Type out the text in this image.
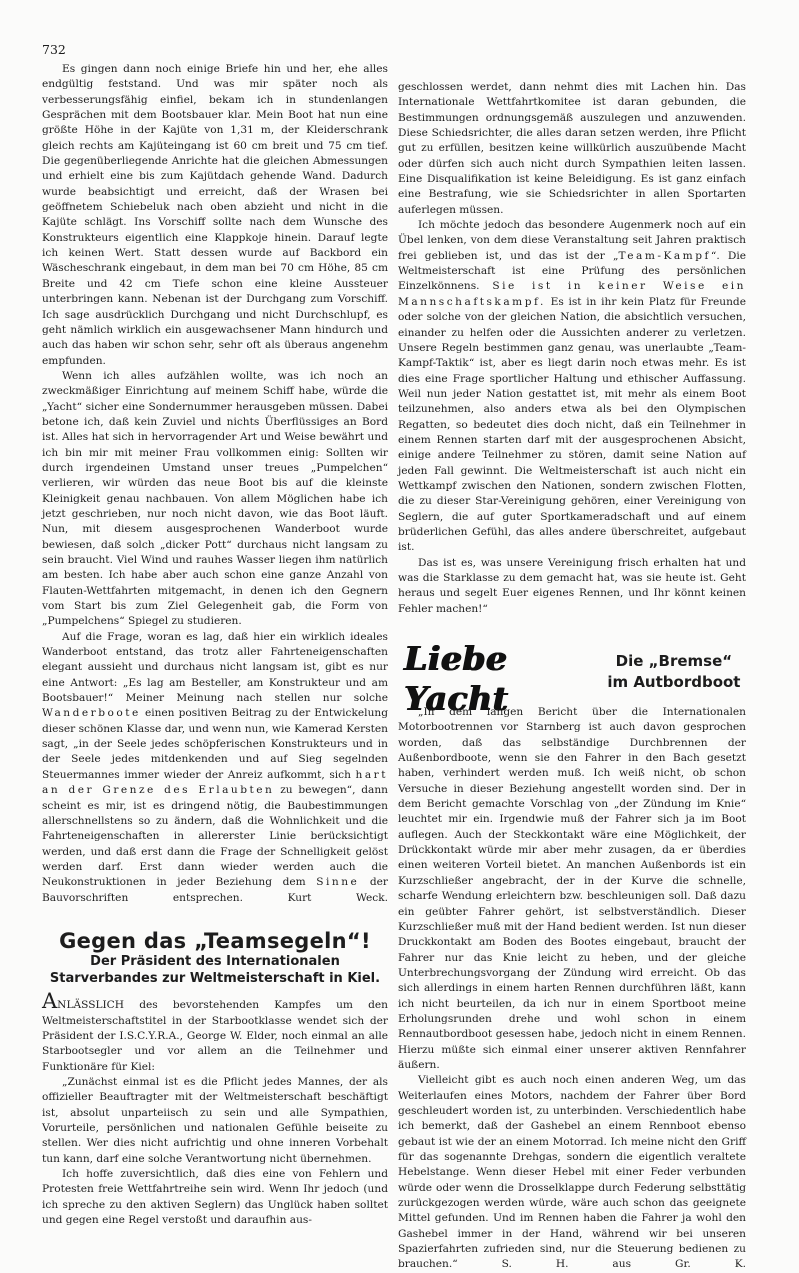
732

Es gingen dann noch einige Briefe hin und her, ehe alles endgültig feststand. Und was mir später noch als verbesserungsfähig einfiel, bekam ich in stundenlangen Gesprächen mit dem Bootsbauer klar. Mein Boot hat nun eine größte Höhe in der Kajüte von 1,31 m, der Kleiderschrank gleich rechts am Kajüteingang ist 60 cm breit und 75 cm tief. Die gegenüberliegende Anrichte hat die gleichen Abmessungen und erhielt eine bis zum Kajütdach gehende Wand. Dadurch wurde beabsichtigt und erreicht, daß der Wrasen bei geöffnetem Schiebeluk nach oben abzieht und nicht in die Kajüte schlägt. Ins Vorschiff sollte nach dem Wunsche des Konstrukteurs eigentlich eine Klappkoje hinein. Darauf legte ich keinen Wert. Statt dessen wurde auf Backbord ein Wäscheschrank eingebaut, in dem man bei 70 cm Höhe, 85 cm Breite und 42 cm Tiefe schon eine kleine Aussteuer unterbringen kann. Nebenan ist der Durchgang zum Vorschiff. Ich sage ausdrücklich Durchgang und nicht Durchschlupf, es geht nämlich wirklich ein ausgewachsener Mann hindurch und auch das haben wir schon sehr, sehr oft als überaus angenehm empfunden.

Wenn ich alles aufzählen wollte, was ich noch an zweckmäßiger Einrichtung auf meinem Schiff habe, würde die „Yacht“ sicher eine Sondernummer herausgeben müssen. Dabei betone ich, daß kein Zuviel und nichts Überflüssiges an Bord ist. Alles hat sich in hervorragender Art und Weise bewährt und ich bin mir mit meiner Frau vollkommen einig: Sollten wir durch irgendeinen Umstand unser treues „Pumpelchen“ verlieren, wir würden das neue Boot bis auf die kleinste Kleinigkeit genau nachbauen. Von allem Möglichen habe ich jetzt geschrieben, nur noch nicht davon, wie das Boot läuft. Nun, mit diesem ausgesprochenen Wanderboot wurde bewiesen, daß solch „dicker Pott“ durchaus nicht langsam zu sein braucht. Viel Wind und rauhes Wasser liegen ihm natürlich am besten. Ich habe aber auch schon eine ganze Anzahl von Flauten-Wettfahrten mitgemacht, in denen ich den Gegnern vom Start bis zum Ziel Gelegenheit gab, die Form von „Pumpelchens“ Spiegel zu studieren.

Auf die Frage, woran es lag, daß hier ein wirklich ideales Wanderboot entstand, das trotz aller Fahrteneigenschaften elegant aussieht und durchaus nicht langsam ist, gibt es nur eine Antwort: „Es lag am Besteller, am Konstrukteur und am Bootsbauer!“ Meiner Meinung nach stellen nur solche Wanderboote einen positiven Beitrag zu der Entwickelung dieser schönen Klasse dar, und wenn nun, wie Kamerad Kersten sagt, „in der Seele jedes schöpferischen Konstrukteurs und in der Seele jedes mitdenkenden und auf Sieg segelnden Steuermannes immer wieder der Anreiz aufkommt, sich hart an der Grenze des Erlaubten zu bewegen“, dann scheint es mir, ist es dringend nötig, die Baubestimmungen allerschnellstens so zu ändern, daß die Wohnlichkeit und die Fahrteneigenschaften in allererster Linie berücksichtigt werden, und daß erst dann die Frage der Schnelligkeit gelöst werden darf. Erst dann wieder werden auch die Neukonstruktionen in jeder Beziehung dem Sinne der Bauvorschriften entsprechen.	Kurt Weck.

Gegen das „Teamsegeln“!
Der Präsident des Internationalen Starverbandes zur Weltmeisterschaft in Kiel.

ANLÄSSLICH des bevorstehenden Kampfes um den Weltmeisterschaftstitel in der Starbootklasse wendet sich der Präsident der I.S.C.Y.R.A., George W. Elder, noch einmal an alle Starbootsegler und vor allem an die Teilnehmer und Funktionäre für Kiel:

„Zunächst einmal ist es die Pflicht jedes Mannes, der als offizieller Beauftragter mit der Weltmeisterschaft beschäftigt ist, absolut unparteiisch zu sein und alle Sympathien, Vorurteile, persönlichen und nationalen Gefühle beiseite zu stellen. Wer dies nicht aufrichtig und ohne inneren Vorbehalt tun kann, darf eine solche Verantwortung nicht übernehmen.

Ich hoffe zuversichtlich, daß dies eine von Fehlern und Protesten freie Wettfahrtreihe sein wird. Wenn Ihr jedoch (und ich spreche zu den aktiven Seglern) das Unglück haben solltet und gegen eine Regel verstoßt und daraufhin aus-

geschlossen werdet, dann nehmt dies mit Lachen hin. Das Internationale Wettfahrtkomitee ist daran gebunden, die Bestimmungen ordnungsgemäß auszulegen und anzuwenden. Diese Schiedsrichter, die alles daran setzen werden, ihre Pflicht gut zu erfüllen, besitzen keine willkürlich auszuübende Macht oder dürfen sich auch nicht durch Sympathien leiten lassen. Eine Disqualifikation ist keine Beleidigung. Es ist ganz einfach eine Bestrafung, wie sie Schiedsrichter in allen Sportarten auferlegen müssen.

Ich möchte jedoch das besondere Augenmerk noch auf ein Übel lenken, von dem diese Veranstaltung seit Jahren praktisch frei geblieben ist, und das ist der „Team-Kampf“. Die Weltmeisterschaft ist eine Prüfung des persönlichen Einzelkönnens. Sie ist in keiner Weise ein Mannschaftskampf. Es ist in ihr kein Platz für Freunde oder solche von der gleichen Nation, die absichtlich versuchen, einander zu helfen oder die Aussichten anderer zu verletzen. Unsere Regeln bestimmen ganz genau, was unerlaubte „Team-Kampf-Taktik“ ist, aber es liegt darin noch etwas mehr. Es ist dies eine Frage sportlicher Haltung und ethischer Auffassung. Weil nun jeder Nation gestattet ist, mit mehr als einem Boot teilzunehmen, also anders etwa als bei den Olympischen Regatten, so bedeutet dies doch nicht, daß ein Teilnehmer in einem Rennen starten darf mit der ausgesprochenen Absicht, einige andere Teilnehmer zu stören, damit seine Nation auf jeden Fall gewinnt. Die Weltmeisterschaft ist auch nicht ein Wettkampf zwischen den Nationen, sondern zwischen Flotten, die zu dieser Star-Vereinigung gehören, einer Vereinigung von Seglern, die auf guter Sportkameradschaft und auf einem brüderlichen Gefühl, das alles andere überschreitet, aufgebaut ist.

Das ist es, was unsere Vereinigung frisch erhalten hat und was die Starklasse zu dem gemacht hat, was sie heute ist. Geht heraus und segelt Euer eigenes Rennen, und Ihr könnt keinen Fehler machen!“

Liebe Yacht
Die „Bremse“
im Autbordboot

„In dem langen Bericht über die Internationalen Motorbootrennen vor Starnberg ist auch davon gesprochen worden, daß das selbständige Durchbrennen der Außenbordboote, wenn sie den Fahrer in den Bach gesetzt haben, verhindert werden muß. Ich weiß nicht, ob schon Versuche in dieser Beziehung angestellt worden sind. Der in dem Bericht gemachte Vorschlag von „der Zündung im Knie“ leuchtet mir ein. Irgendwie muß der Fahrer sich ja im Boot auflegen. Auch der Steckkontakt wäre eine Möglichkeit, der Drückkontakt würde mir aber mehr zusagen, da er überdies einen weiteren Vorteil bietet. An manchen Außenbords ist ein Kurzschließer angebracht, der in der Kurve die schnelle, scharfe Wendung erleichtern bzw. beschleunigen soll. Daß dazu ein geübter Fahrer gehört, ist selbstverständlich. Dieser Kurzschließer muß mit der Hand bedient werden. Ist nun dieser Druckkontakt am Boden des Bootes eingebaut, braucht der Fahrer nur das Knie leicht zu heben, und der gleiche Unterbrechungsvorgang der Zündung wird erreicht. Ob das sich allerdings in einem harten Rennen durchführen läßt, kann ich nicht beurteilen, da ich nur in einem Sportboot meine Erholungsrunden drehe und wohl schon in einem Rennautbordboot gesessen habe, jedoch nicht in einem Rennen. Hierzu müßte sich einmal einer unserer aktiven Rennfahrer äußern.

Vielleicht gibt es auch noch einen anderen Weg, um das Weiterlaufen eines Motors, nachdem der Fahrer über Bord geschleudert worden ist, zu unterbinden. Verschiedentlich habe ich bemerkt, daß der Gashebel an einem Rennboot ebenso gebaut ist wie der an einem Motorrad. Ich meine nicht den Griff für das sogenannte Drehgas, sondern die eigentlich veraltete Hebelstange. Wenn dieser Hebel mit einer Feder verbunden würde oder wenn die Drosselklappe durch Federung selbsttätig zurückgezogen werden würde, wäre auch schon das geeignete Mittel gefunden. Und im Rennen haben die Fahrer ja wohl den Gashebel immer in der Hand, während wir bei unseren Spazierfahrten zufrieden sind, nur die Steuerung bedienen zu brauchen.“	S. H. aus Gr. K.
